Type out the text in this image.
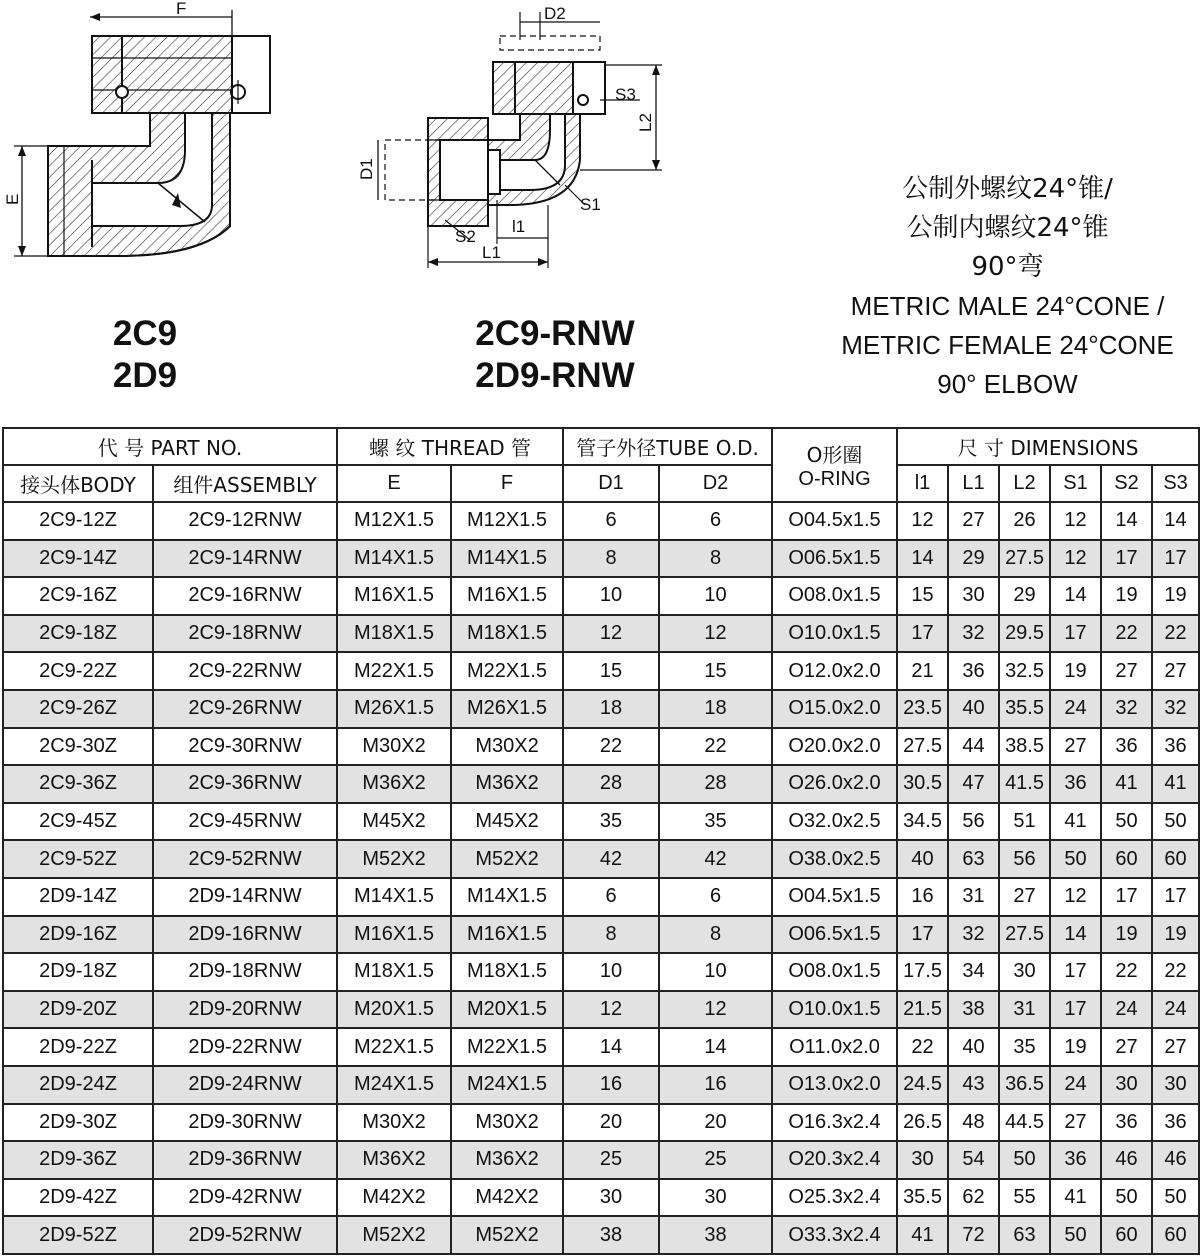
F
E
D2
S3
L2
D1
S1
S2
l1
L1
2C9
2D9
2C9-RNW
2D9-RNW
公制外螺纹24°锥/
公制内螺纹24°锥
90°弯
METRIC MALE 24°CONE /
METRIC FEMALE 24°CONE
90° ELBOW
代 号 PART NO.		螺 纹 THREAD 管		管子外径TUBE O.D.		O形圈
O-RING	尺 寸 DIMENSIONS					
接头体BODY	组件ASSEMBLY	E	F	D1	D2		l1	L1	L2	S1	S2	S3
2C9-12Z	2C9-12RNW	M12X1.5	M12X1.5	6	6	O04.5x1.5	12	27	26	12	14	14
2C9-14Z	2C9-14RNW	M14X1.5	M14X1.5	8	8	O06.5x1.5	14	29	27.5	12	17	17
2C9-16Z	2C9-16RNW	M16X1.5	M16X1.5	10	10	O08.0x1.5	15	30	29	14	19	19
2C9-18Z	2C9-18RNW	M18X1.5	M18X1.5	12	12	O10.0x1.5	17	32	29.5	17	22	22
2C9-22Z	2C9-22RNW	M22X1.5	M22X1.5	15	15	O12.0x2.0	21	36	32.5	19	27	27
2C9-26Z	2C9-26RNW	M26X1.5	M26X1.5	18	18	O15.0x2.0	23.5	40	35.5	24	32	32
2C9-30Z	2C9-30RNW	M30X2	M30X2	22	22	O20.0x2.0	27.5	44	38.5	27	36	36
2C9-36Z	2C9-36RNW	M36X2	M36X2	28	28	O26.0x2.0	30.5	47	41.5	36	41	41
2C9-45Z	2C9-45RNW	M45X2	M45X2	35	35	O32.0x2.5	34.5	56	51	41	50	50
2C9-52Z	2C9-52RNW	M52X2	M52X2	42	42	O38.0x2.5	40	63	56	50	60	60
2D9-14Z	2D9-14RNW	M14X1.5	M14X1.5	6	6	O04.5x1.5	16	31	27	12	17	17
2D9-16Z	2D9-16RNW	M16X1.5	M16X1.5	8	8	O06.5x1.5	17	32	27.5	14	19	19
2D9-18Z	2D9-18RNW	M18X1.5	M18X1.5	10	10	O08.0x1.5	17.5	34	30	17	22	22
2D9-20Z	2D9-20RNW	M20X1.5	M20X1.5	12	12	O10.0x1.5	21.5	38	31	17	24	24
2D9-22Z	2D9-22RNW	M22X1.5	M22X1.5	14	14	O11.0x2.0	22	40	35	19	27	27
2D9-24Z	2D9-24RNW	M24X1.5	M24X1.5	16	16	O13.0x2.0	24.5	43	36.5	24	30	30
2D9-30Z	2D9-30RNW	M30X2	M30X2	20	20	O16.3x2.4	26.5	48	44.5	27	36	36
2D9-36Z	2D9-36RNW	M36X2	M36X2	25	25	O20.3x2.4	30	54	50	36	46	46
2D9-42Z	2D9-42RNW	M42X2	M42X2	30	30	O25.3x2.4	35.5	62	55	41	50	50
2D9-52Z	2D9-52RNW	M52X2	M52X2	38	38	O33.3x2.4	41	72	63	50	60	60
